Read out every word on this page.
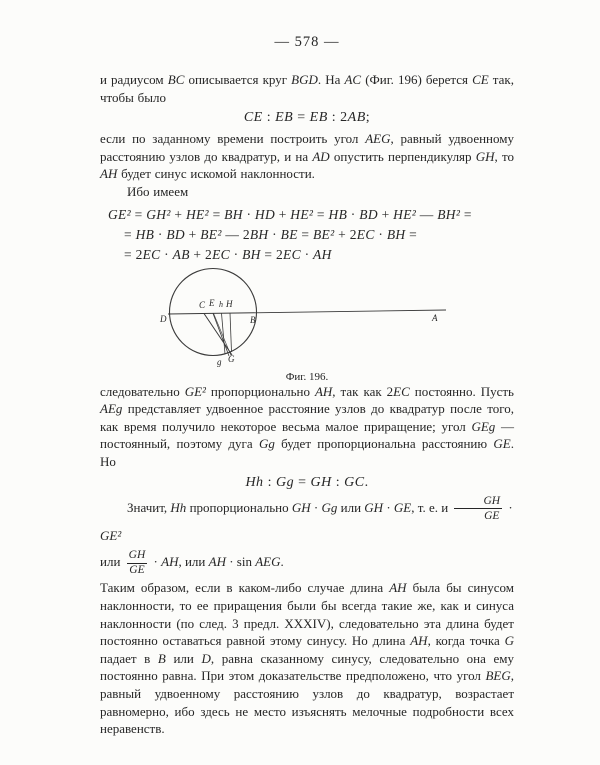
— 578 —

и радиусом BC описывается круг BGD. На AC (Фиг. 196) берется CE так, чтобы было

CE : EB = EB : 2AB;

если по заданному времени построить угол AEG, равный удвоенному расстоянию узлов до квадратур, и на AD опустить перпендикуляр GH, то AH будет синус искомой наклонности.

Ибо имеем

GE² = GH² + HE² = BH · HD + HE² = HB · BD + HE² — BH² =
= HB · BD + BE² — 2BH · BE = BE² + 2EC · BH =
= 2EC · AB + 2EC · BH = 2EC · AH
D
C E h H
B	A
g G
Фиг. 196.

следовательно GE² пропорционально AH, так как 2EC постоянно. Пусть AEg представляет удвоенное расстояние узлов до квадратур после того, как время получило некоторое весьма малое приращение; угол GEg — постоянный, поэтому дуга Gg будет пропорциональна расстоянию GE. Но

Hh : Gg = GH : GC.
Значит, Hh пропорционально GH · Gg или GH · GE, т. е. и $\frac{GH}{GE} \cdot GE^2$
или $\frac{GH}{GE}$ · AH, или AH · sin AEG.

Таким образом, если в каком-либо случае длина AH была бы синусом наклонности, то ее приращения были бы всегда такие же, как и синуса наклонности (по след. 3 предл. XXXIV), следовательно эта длина будет постоянно оставаться равной этому синусу. Но длина AH, когда точка G падает в B или D, равна сказанному синусу, следовательно она ему постоянно равна. При этом доказательстве предположено, что угол BEG, равный удвоенному расстоянию узлов до квадратур, возрастает равномерно, ибо здесь не место изъяснять мелочные подробности всех неравенств.
